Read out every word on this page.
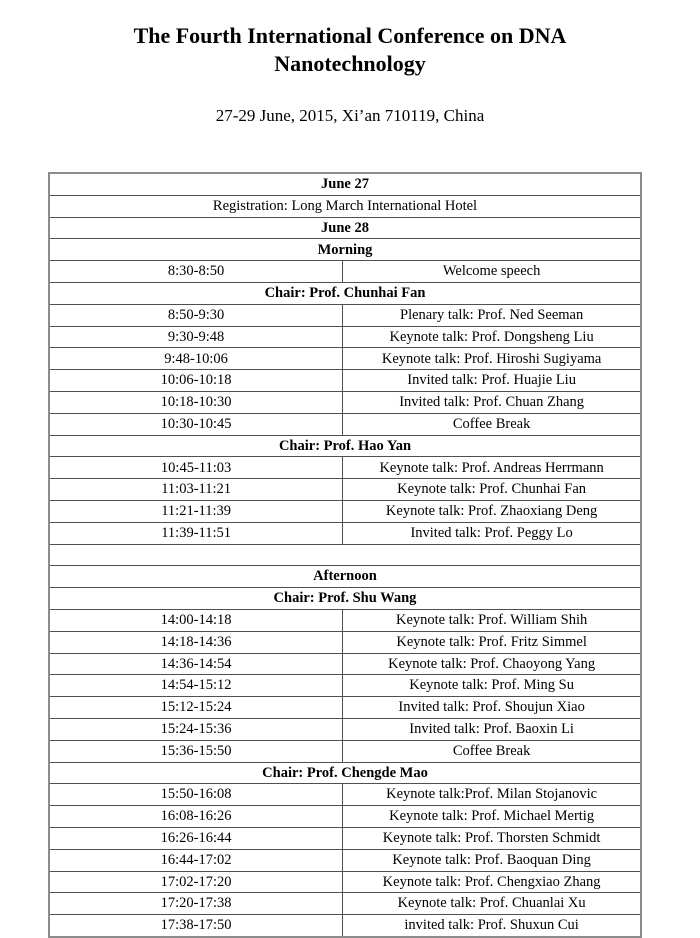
The Fourth International Conference on DNA
Nanotechnology
27-29 June, 2015, Xi’an 710119, China
June 27
Registration: Long March International Hotel
June 28
Morning
8:30-8:50	Welcome speech
Chair: Prof. Chunhai Fan
8:50-9:30	Plenary talk: Prof. Ned Seeman
9:30-9:48	Keynote talk: Prof. Dongsheng Liu
9:48-10:06	Keynote talk: Prof. Hiroshi Sugiyama
10:06-10:18	Invited talk: Prof. Huajie Liu
10:18-10:30	Invited talk: Prof. Chuan Zhang
10:30-10:45	Coffee Break
Chair: Prof. Hao Yan
10:45-11:03	Keynote talk: Prof. Andreas Herrmann
11:03-11:21	Keynote talk: Prof. Chunhai Fan
11:21-11:39	Keynote talk: Prof. Zhaoxiang Deng
11:39-11:51	Invited talk: Prof. Peggy Lo
Afternoon
Chair: Prof. Shu Wang
14:00-14:18	Keynote talk: Prof. William Shih
14:18-14:36	Keynote talk: Prof. Fritz Simmel
14:36-14:54	Keynote talk: Prof. Chaoyong Yang
14:54-15:12	Keynote talk: Prof. Ming Su
15:12-15:24	Invited talk: Prof. Shoujun Xiao
15:24-15:36	Invited talk: Prof. Baoxin Li
15:36-15:50	Coffee Break
Chair: Prof. Chengde Mao
15:50-16:08	Keynote talk:Prof. Milan Stojanovic
16:08-16:26	Keynote talk: Prof. Michael Mertig
16:26-16:44	Keynote talk: Prof. Thorsten Schmidt
16:44-17:02	Keynote talk: Prof. Baoquan Ding
17:02-17:20	Keynote talk: Prof. Chengxiao Zhang
17:20-17:38	Keynote talk: Prof. Chuanlai Xu
17:38-17:50	invited talk: Prof. Shuxun Cui
